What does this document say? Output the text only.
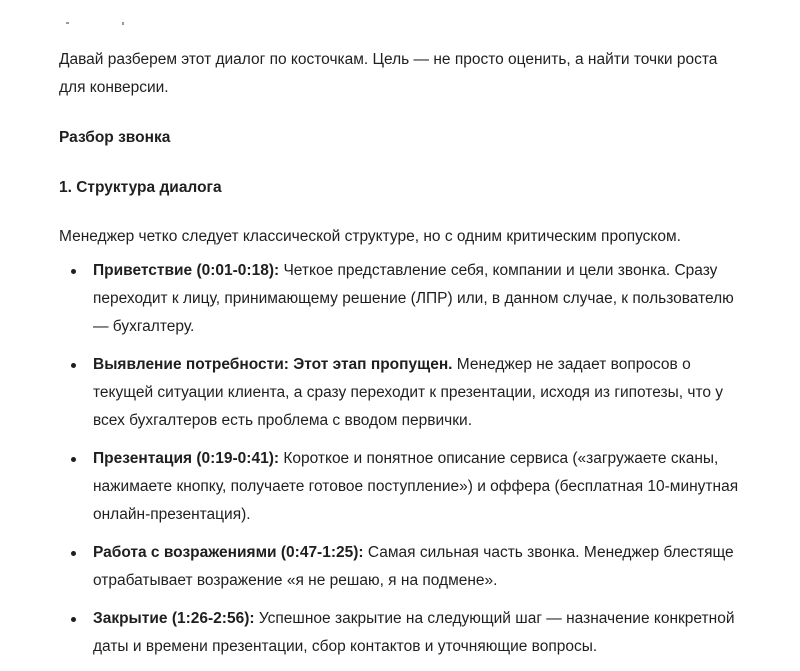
Давай разберем этот диалог по косточкам. Цель — не просто оценить, а найти точки роста для конверсии.

Разбор звонка
1. Структура диалога

Менеджер четко следует классической структуре, но с одним критическим пропуском.

Приветствие (0:01-0:18): Четкое представление себя, компании и цели звонка. Сразу переходит к лицу, принимающему решение (ЛПР) или, в данном случае, к пользователю — бухгалтеру.
Выявление потребности: Этот этап пропущен. Менеджер не задает вопросов о текущей ситуации клиента, а сразу переходит к презентации, исходя из гипотезы, что у всех бухгалтеров есть проблема с вводом первички.
Презентация (0:19-0:41): Короткое и понятное описание сервиса («загружаете сканы, нажимаете кнопку, получаете готовое поступление») и оффера (бесплатная 10-минутная онлайн-презентация).
Работа с возражениями (0:47-1:25): Самая сильная часть звонка. Менеджер блестяще отрабатывает возражение «я не решаю, я на подмене».
Закрытие (1:26-2:56): Успешное закрытие на следующий шаг — назначение конкретной даты и времени презентации, сбор контактов и уточняющие вопросы.
